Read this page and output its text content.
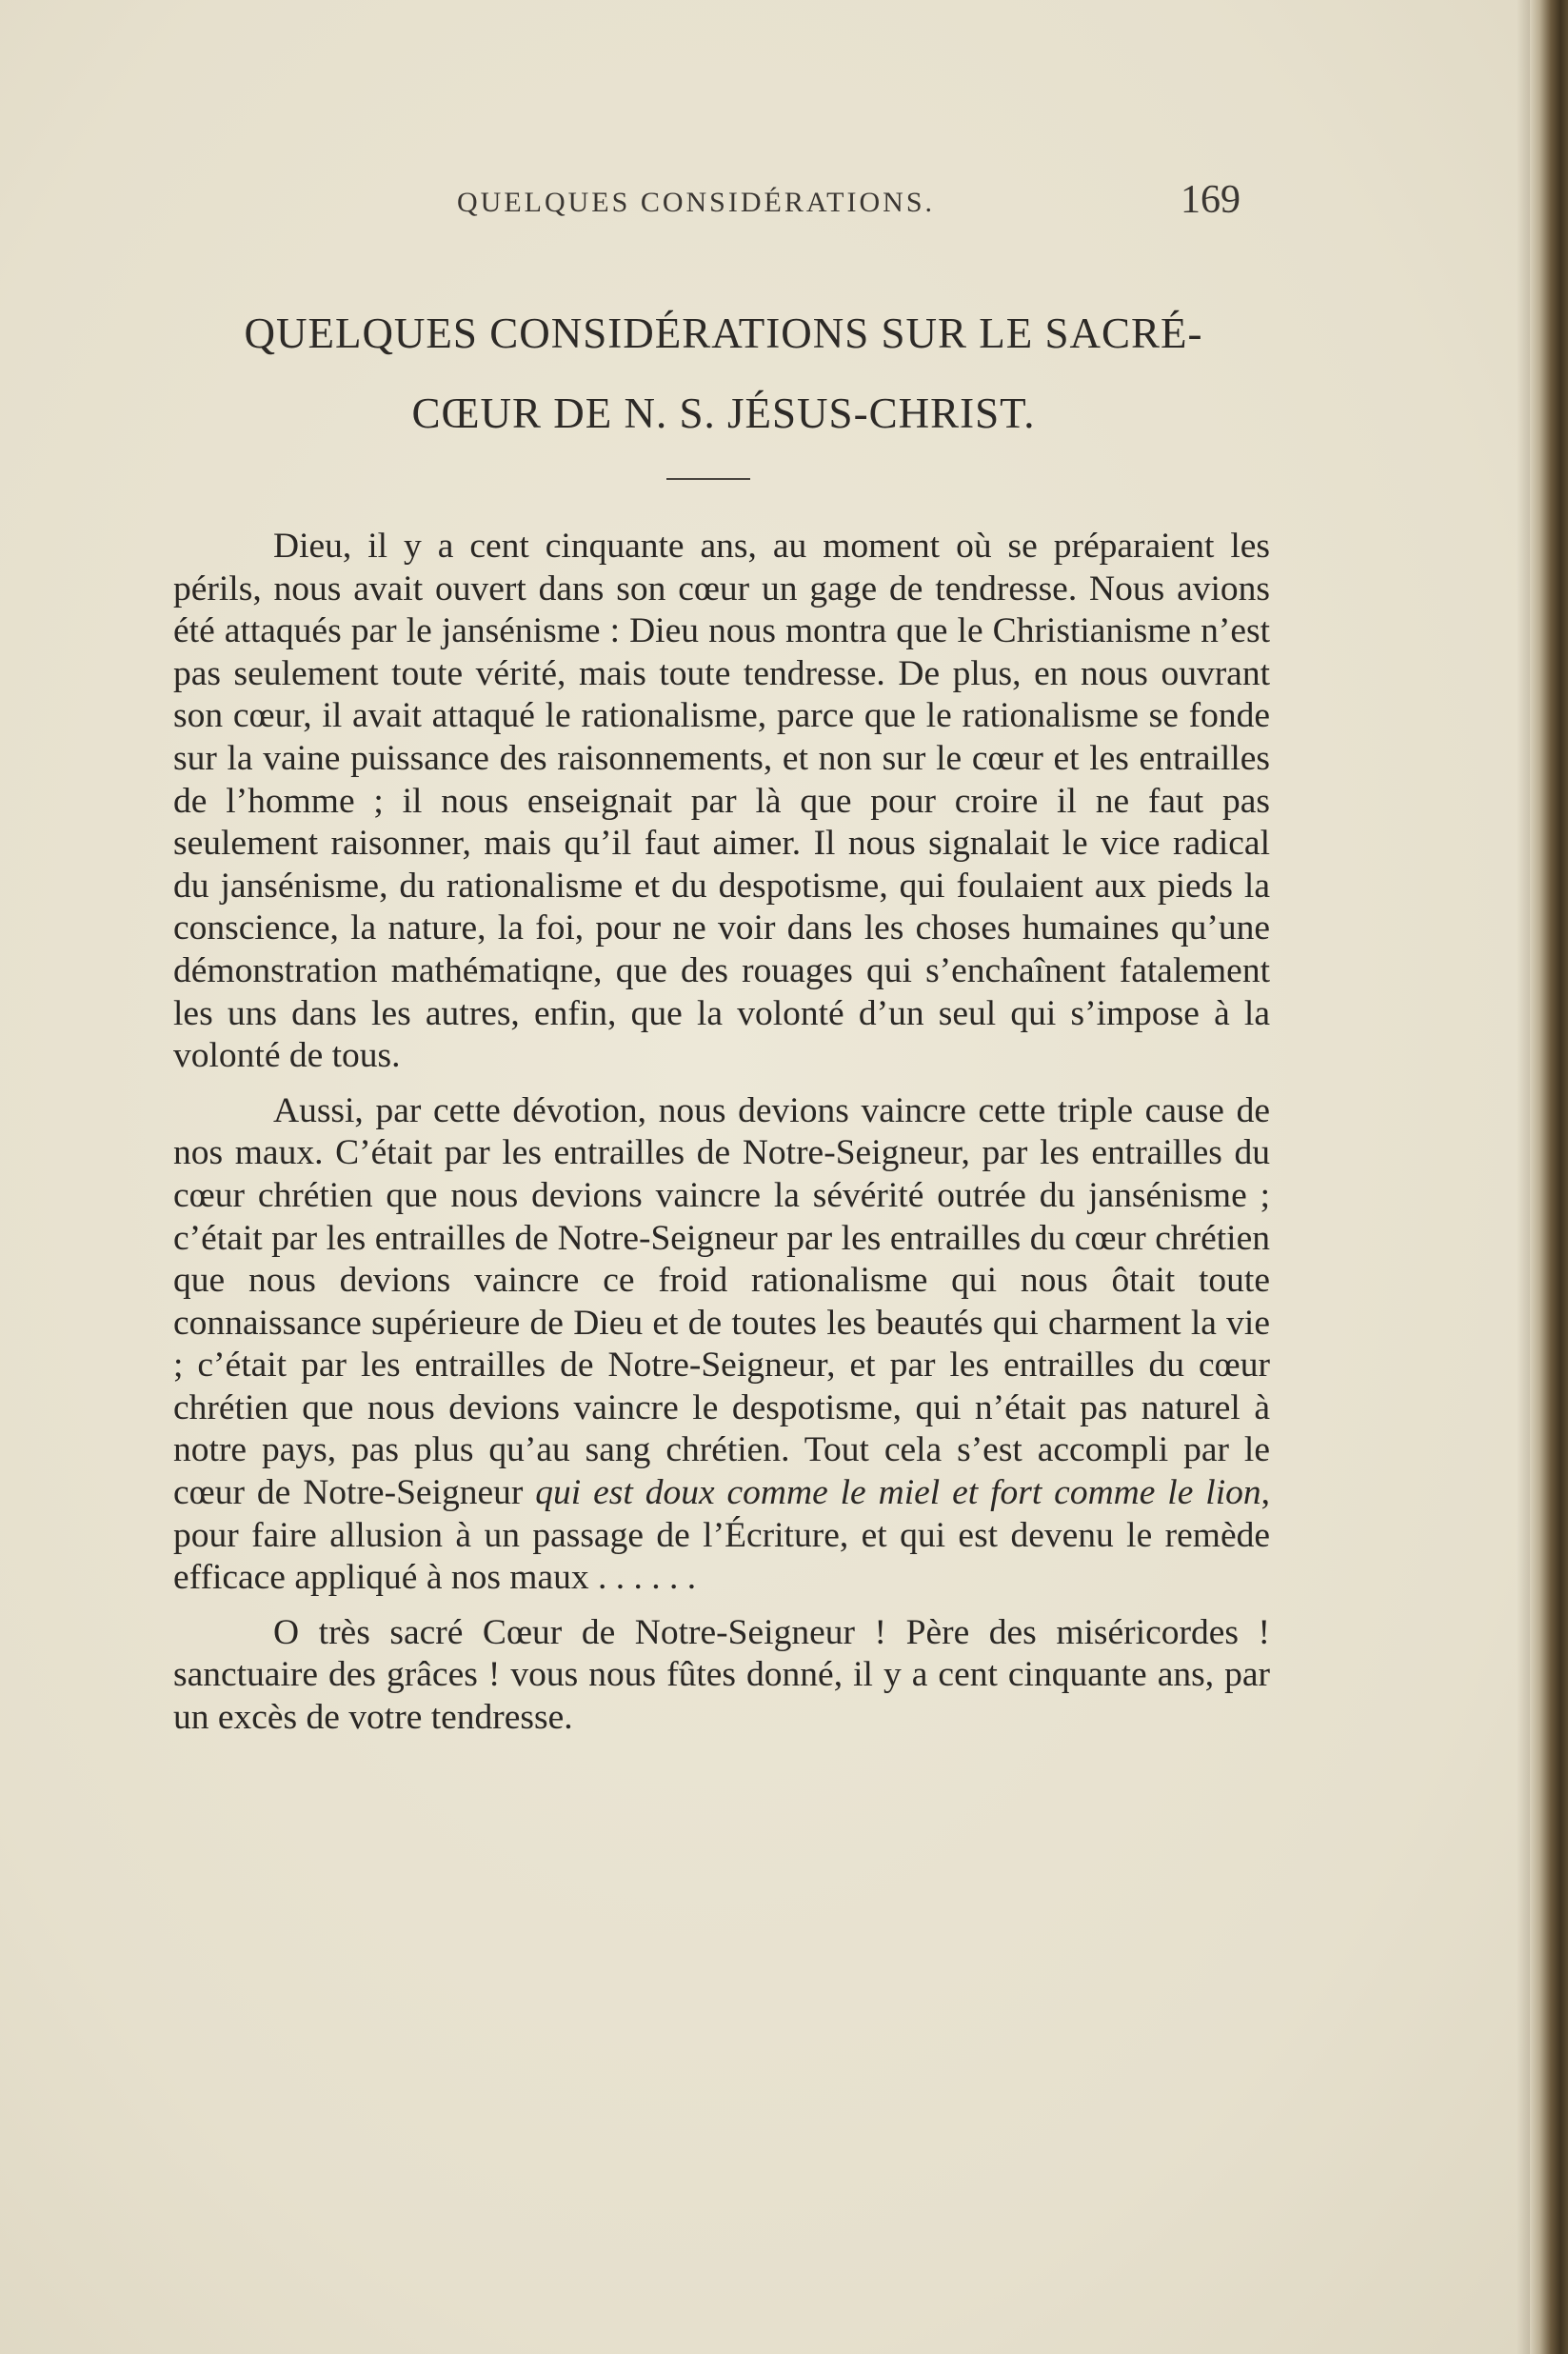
QUELQUES CONSIDÉRATIONS.	169
QUELQUES CONSIDÉRATIONS SUR LE SACRÉ-
CŒUR DE N. S. JÉSUS-CHRIST.

Dieu, il y a cent cinquante ans, au moment où se préparaient les périls, nous avait ouvert dans son cœur un gage de tendresse. Nous avions été attaqués par le jansénisme : Dieu nous montra que le Christianisme n’est pas seulement toute vérité, mais toute tendresse. De plus, en nous ouvrant son cœur, il avait attaqué le rationalisme, parce que le rationalisme se fonde sur la vaine puissance des raisonnements, et non sur le cœur et les entrailles de l’homme ; il nous enseignait par là que pour croire il ne faut pas seulement raisonner, mais qu’il faut aimer. Il nous signalait le vice radical du jansénisme, du rationalisme et du despotisme, qui foulaient aux pieds la conscience, la nature, la foi, pour ne voir dans les choses humaines qu’une démonstration mathématiqne, que des rouages qui s’enchaînent fatalement les uns dans les autres, enfin, que la volonté d’un seul qui s’impose à la volonté de tous.

Aussi, par cette dévotion, nous devions vaincre cette triple cause de nos maux. C’était par les entrailles de Notre-Seigneur, par les entrailles du cœur chrétien que nous devions vaincre la sévérité outrée du jansénisme ; c’était par les entrailles de Notre-Seigneur par les entrailles du cœur chrétien que nous devions vaincre ce froid rationalisme qui nous ôtait toute connaissance supérieure de Dieu et de toutes les beautés qui charment la vie ; c’était par les entrailles de Notre-Seigneur, et par les entrailles du cœur chrétien que nous devions vaincre le despotisme, qui n’était pas naturel à notre pays, pas plus qu’au sang chrétien. Tout cela s’est accompli par le cœur de Notre-Seigneur qui est doux comme le miel et fort comme le lion, pour faire allusion à un passage de l’Écriture, et qui est devenu le remède efficace appliqué à nos maux . . . . . .

O très sacré Cœur de Notre-Seigneur ! Père des miséricordes ! sanctuaire des grâces ! vous nous fûtes donné, il y a cent cinquante ans, par un excès de votre tendresse.
